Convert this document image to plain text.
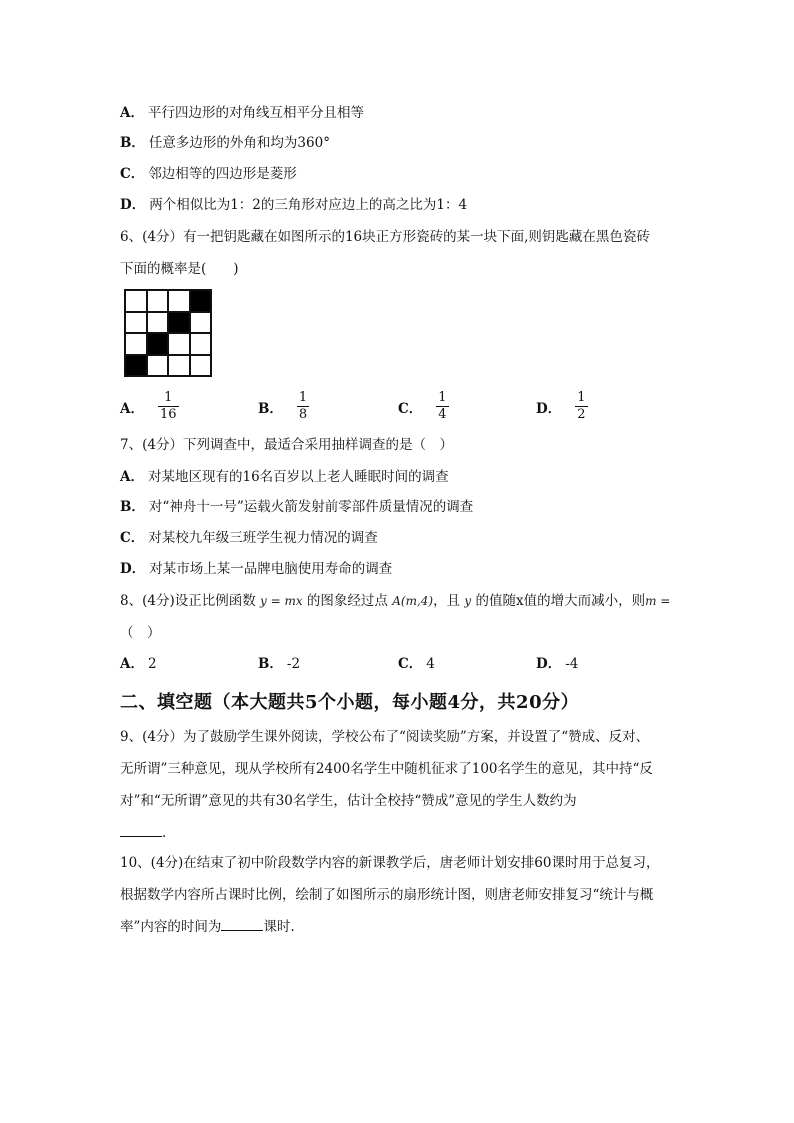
A． 平行四边形的对角线互相平分且相等
B． 任意多边形的外角和均为360°
C． 邻边相等的四边形是菱形
D． 两个相似比为1：2的三角形对应边上的高之比为1：4
6、(4分）有一把钥匙藏在如图所示的16块正方形瓷砖的某一块下面,则钥匙藏在黑色瓷砖
下面的概率是(　　)
A． $\frac{1}{16}$	B． $\frac{1}{8}$	C． $\frac{1}{4}$	D． $\frac{1}{2}$
7、(4分）下列调查中，最适合采用抽样调查的是（　）
A． 对某地区现有的16名百岁以上老人睡眠时间的调查
B． 对“神舟十一号”运载火箭发射前零部件质量情况的调查
C． 对某校九年级三班学生视力情况的调查
D． 对某市场上某一品牌电脑使用寿命的调查
8、(4分)设正比例函数 y = mx 的图象经过点 A(m,4)，且 y 的值随x值的增大而减小，则m =
（　）
A． 2	B． -2	C． 4	D． -4
二、填空题（本大题共5个小题，每小题4分，共20分）
9、(4分）为了鼓励学生课外阅读，学校公布了“阅读奖励”方案，并设置了“赞成、反对、
无所谓”三种意见，现从学校所有2400名学生中随机征求了100名学生的意见，其中持“反
对”和“无所谓”意见的共有30名学生，估计全校持“赞成”意见的学生人数约为
.
10、(4分)在结束了初中阶段数学内容的新课教学后，唐老师计划安排60课时用于总复习，
根据数学内容所占课时比例，绘制了如图所示的扇形统计图，则唐老师安排复习“统计与概
率”内容的时间为	课时.
